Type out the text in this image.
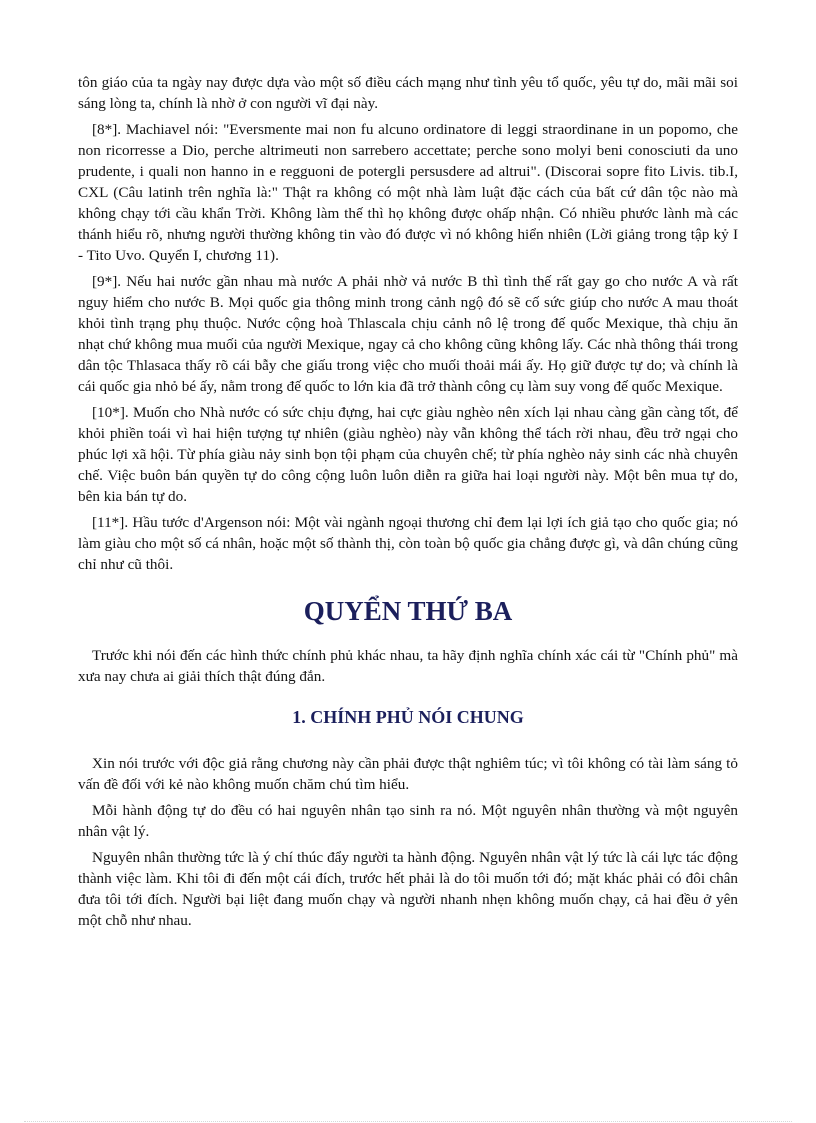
tôn giáo của ta ngày nay được dựa vào một số điều cách mạng như tình yêu tổ quốc, yêu tự do, mãi mãi soi sáng lòng ta, chính là nhờ ở con người vĩ đại này.

[8*]. Machiavel nói: "Eversmente mai non fu alcuno ordinatore di leggi straordinane in un popomo, che non ricorresse a Dio, perche altrimeuti non sarrebero accettate; perche sono molyi beni conosciuti da uno prudente, i quali non hanno in e regguoni de potergli persusdere ad altrui". (Discorai sopre fito Livis. tib.I, CXL (Câu latinh trên nghĩa là:" Thật ra không có một nhà làm luật đặc cách của bất cứ dân tộc nào mà không chạy tới cầu khẩn Trời. Không làm thế thì họ không được ohấp nhận. Có nhiều phước lành mà các thánh hiểu rõ, nhưng người thường không tin vào đó được vì nó không hiển nhiên (Lời giảng trong tập kỷ I - Tito Uvo. Quyển I, chương 11).

[9*]. Nếu hai nước gần nhau mà nước A phải nhờ vả nước B thì tình thế rất gay go cho nước A và rất nguy hiểm cho nước B. Mọi quốc gia thông minh trong cảnh ngộ đó sẽ cố sức giúp cho nước A mau thoát khỏi tình trạng phụ thuộc. Nước cộng hoà Thlascala chịu cảnh nô lệ trong đế quốc Mexique, thà chịu ăn nhạt chứ không mua muối của người Mexique, ngay cả cho không cũng không lấy. Các nhà thông thái trong dân tộc Thlasaca thấy rõ cái bẫy che giấu trong việc cho muối thoải mái ấy. Họ giữ được tự do; và chính là cái quốc gia nhỏ bé ấy, nằm trong đế quốc to lớn kia đã trở thành công cụ làm suy vong đế quốc Mexique.

[10*]. Muốn cho Nhà nước có sức chịu đựng, hai cực giàu nghèo nên xích lại nhau càng gần càng tốt, để khỏi phiền toái vì hai hiện tượng tự nhiên (giàu nghèo) này vẫn không thể tách rời nhau, đều trở ngại cho phúc lợi xã hội. Từ phía giàu nảy sinh bọn tội phạm của chuyên chế; từ phía nghèo nảy sinh các nhà chuyên chế. Việc buôn bán quyền tự do công cộng luôn luôn diễn ra giữa hai loại người này. Một bên mua tự do, bên kia bán tự do.

[11*]. Hầu tước d'Argenson nói: Một vài ngành ngoại thương chỉ đem lại lợi ích giả tạo cho quốc gia; nó làm giàu cho một số cá nhân, hoặc một số thành thị, còn toàn bộ quốc gia chẳng được gì, và dân chúng cũng chỉ như cũ thôi.

QUYỂN THỨ BA

Trước khi nói đến các hình thức chính phủ khác nhau, ta hãy định nghĩa chính xác cái từ "Chính phủ" mà xưa nay chưa ai giải thích thật đúng đắn.

1. CHÍNH PHỦ NÓI CHUNG

Xin nói trước với độc giả rằng chương này cần phải được thật nghiêm túc; vì tôi không có tài làm sáng tỏ vấn đề đối với kẻ nào không muốn chăm chú tìm hiểu.

Mỗi hành động tự do đều có hai nguyên nhân tạo sinh ra nó. Một nguyên nhân thường và một nguyên nhân vật lý.

Nguyên nhân thường tức là ý chí thúc đẩy người ta hành động. Nguyên nhân vật lý tức là cái lực tác động thành việc làm. Khi tôi đi đến một cái đích, trước hết phải là do tôi muốn tới đó; mặt khác phải có đôi chân đưa tôi tới đích. Người bại liệt đang muốn chạy và người nhanh nhẹn không muốn chạy, cả hai đều ở yên một chỗ như nhau.
